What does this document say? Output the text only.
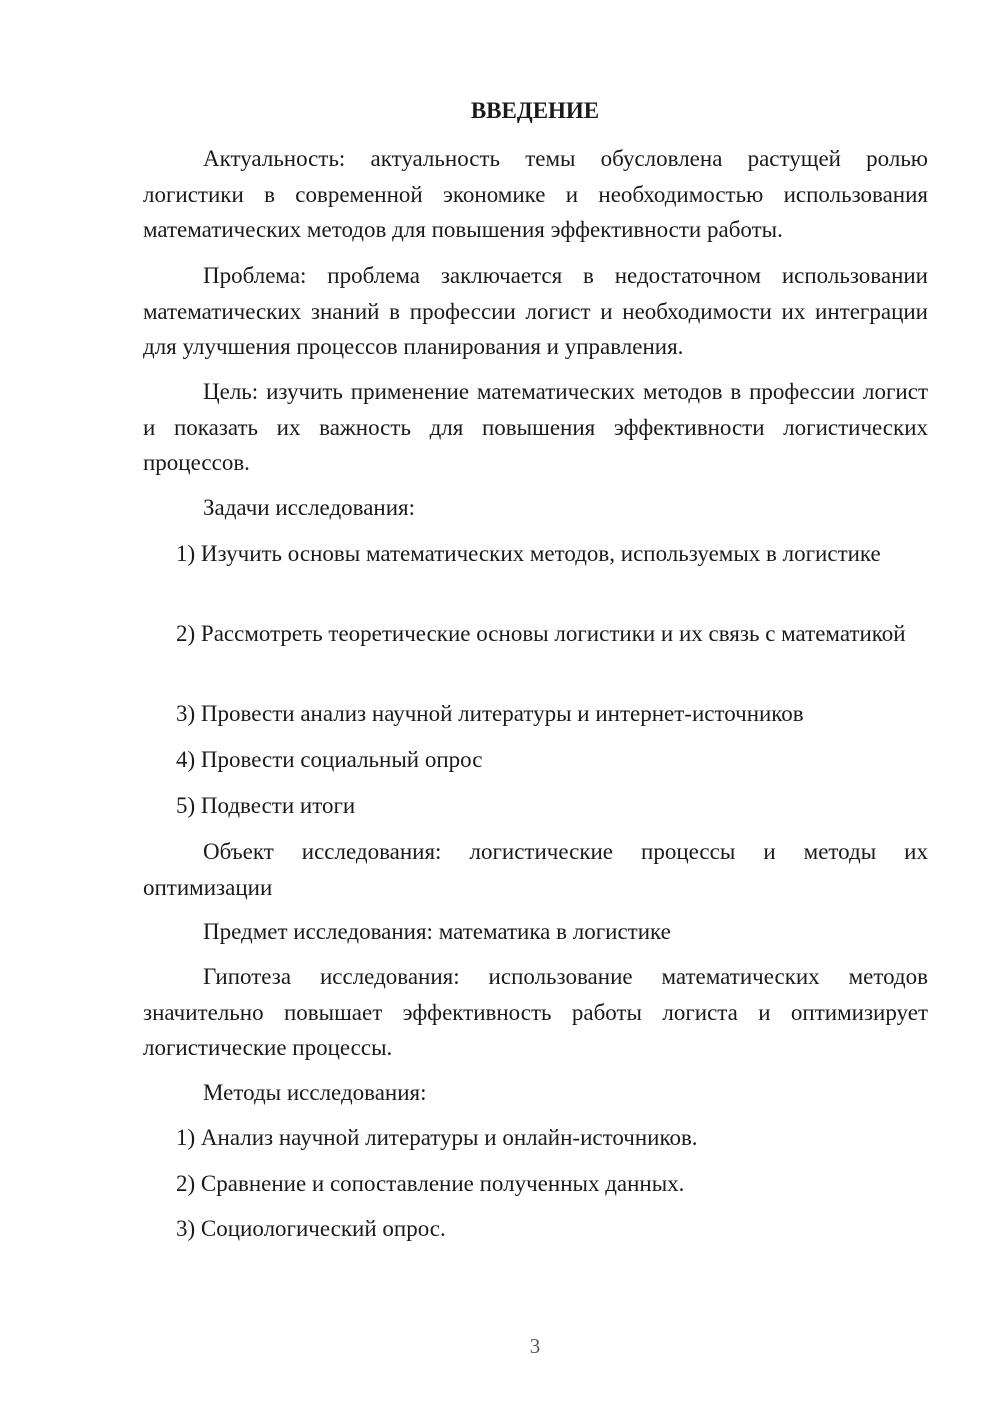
ВВЕДЕНИЕ
Актуальность: актуальность темы обусловлена растущей ролью логистики в современной экономике и необходимостью использования математических методов для повышения эффективности работы.
Проблема: проблема заключается в недостаточном использовании математических знаний в профессии логист и необходимости их интеграции для улучшения процессов планирования и управления.
Цель: изучить применение математических методов в профессии логист и показать их важность для повышения эффективности логистических процессов.
Задачи исследования:
1) Изучить основы математических методов, используемых в логистике
2) Рассмотреть теоретические основы логистики и их связь с математикой
3) Провести анализ научной литературы и интернет-источников
4) Провести социальный опрос
5) Подвести итоги
Объект исследования: логистические процессы и методы их оптимизации
Предмет исследования: математика в логистике
Гипотеза исследования: использование математических методов значительно повышает эффективность работы логиста и оптимизирует логистические процессы.
Методы исследования:
1) Анализ научной литературы и онлайн-источников.
2) Сравнение и сопоставление полученных данных.
3) Социологический опрос.
3
